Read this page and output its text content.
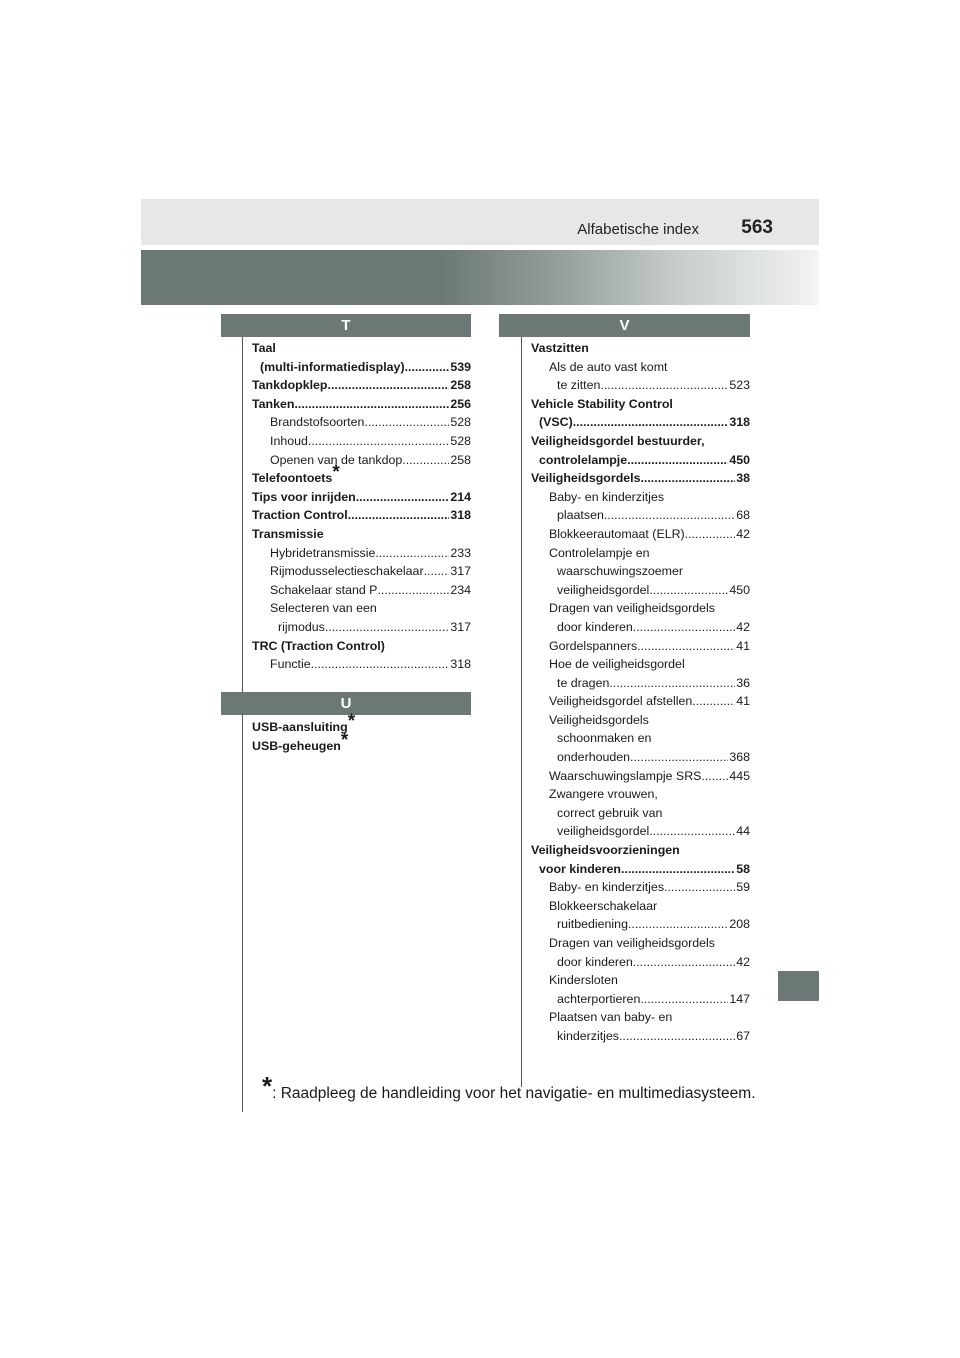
Alfabetische index 563
T
U
V
Taal
(multi-informatiedisplay) .....	539
Tankdopklep .....	258
Tanken .....	256
Brandstofsoorten .....	528
Inhoud .....	528
Openen van de tankdop .....	258
Telefoontoets*
Tips voor inrijden .....	214
Traction Control .....	318
Transmissie
Hybridetransmissie .....	233
Rijmodusselectieschakelaar ..... 317
Schakelaar stand P .....	234
Selecteren van een
rijmodus .....	317
TRC (Traction Control)
Functie .....	318
USB-aansluiting*
USB-geheugen*
Vastzitten
Als de auto vast komt
te zitten .....	523
Vehicle Stability Control
(VSC) .....	318
Veiligheidsgordel bestuurder,
controlelampje .....	450
Veiligheidsgordels .....	38
Baby- en kinderzitjes
plaatsen .....	68
Blokkeerautomaat (ELR) .....	42
Controlelampje en
waarschuwingszoemer
veiligheidsgordel .....	450
Dragen van veiligheidsgordels
door kinderen .....	42
Gordelspanners .....	41
Hoe de veiligheidsgordel
te dragen .....	36
Veiligheidsgordel afstellen .....	41
Veiligheidsgordels
schoonmaken en
onderhouden .....	368
Waarschuwingslampje SRS ..... 445
Zwangere vrouwen,
correct gebruik van
veiligheidsgordel .....	44
Veiligheidsvoorzieningen
voor kinderen .....	58
Baby- en kinderzitjes .....	59
Blokkeerschakelaar
ruitbediening .....	208
Dragen van veiligheidsgordels
door kinderen .....	42
Kindersloten
achterportieren .....	147
Plaatsen van baby- en
kinderzitjes .....	67
*: Raadpleeg de handleiding voor het navigatie- en multimediasysteem.
